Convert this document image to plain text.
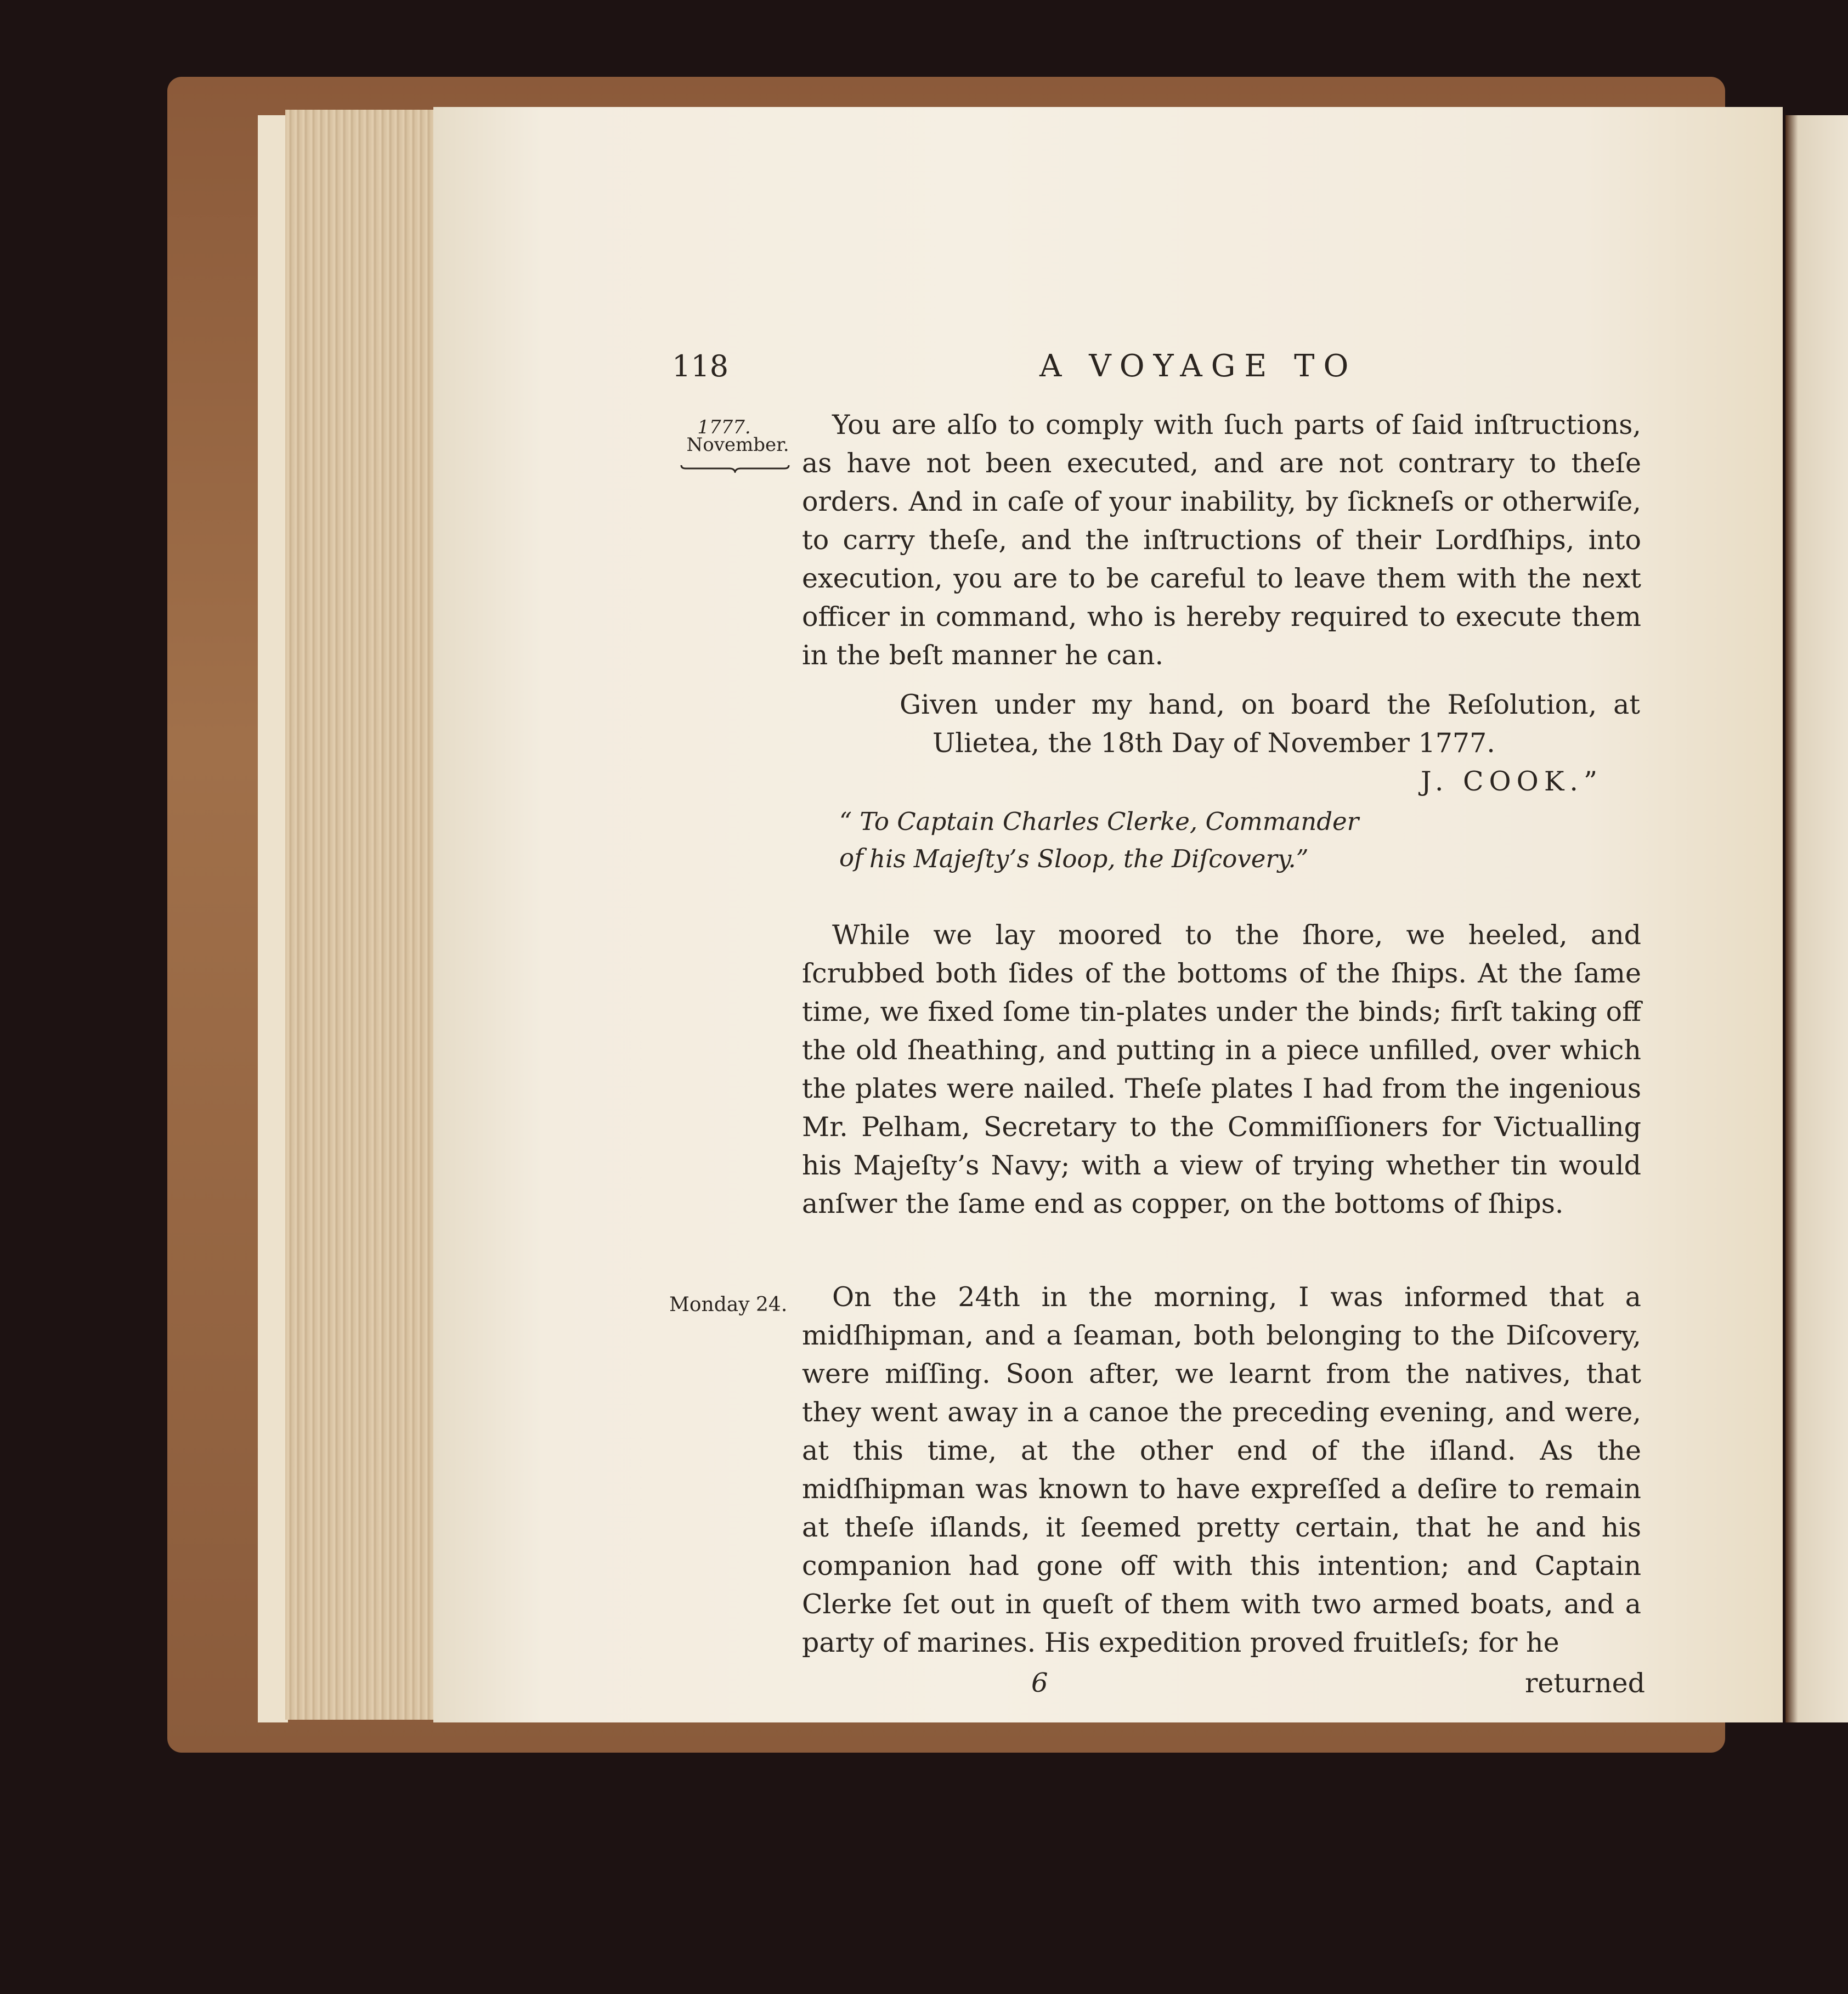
118	A VOYAGE TO
1777.
November.
Monday 24.

You are alſo to comply with ſuch parts of ſaid inſtructions, as have not been executed, and are not contrary to theſe orders. And in caſe of your inability, by ſickneſs or otherwiſe, to carry theſe, and the inſtructions of their Lordſhips, into execution, you are to be careful to leave them with the next officer in command, who is hereby required to execute them in the beſt manner he can.

Given under my hand, on board the Reſolution, at
Ulietea, the 18th Day of November 1777.
J. COOK.”
“ To Captain Charles Clerke, Commander of his Majeſty’s Sloop, the Diſcovery.”

While we lay moored to the ſhore, we heeled, and ſcrubbed both ſides of the bottoms of the ſhips. At the ſame time, we fixed ſome tin-plates under the binds; firſt taking off the old ſheathing, and putting in a piece unfilled, over which the plates were nailed. Theſe plates I had from the ingenious Mr. Pelham, Secretary to the Commiſſioners for Victualling his Majeſty’s Navy; with a view of trying whether tin would anſwer the ſame end as copper, on the bottoms of ſhips.

On the 24th in the morning, I was informed that a midſhipman, and a ſeaman, both belonging to the Diſcovery, were miſſing. Soon after, we learnt from the natives, that they went away in a canoe the preceding evening, and were, at this time, at the other end of the iſland. As the midſhipman was known to have expreſſed a deſire to remain at theſe iſlands, it ſeemed pretty certain, that he and his companion had gone off with this intention; and Captain Clerke ſet out in queſt of them with two armed boats, and a party of marines. His expedition proved fruitleſs; for he

6	returned
